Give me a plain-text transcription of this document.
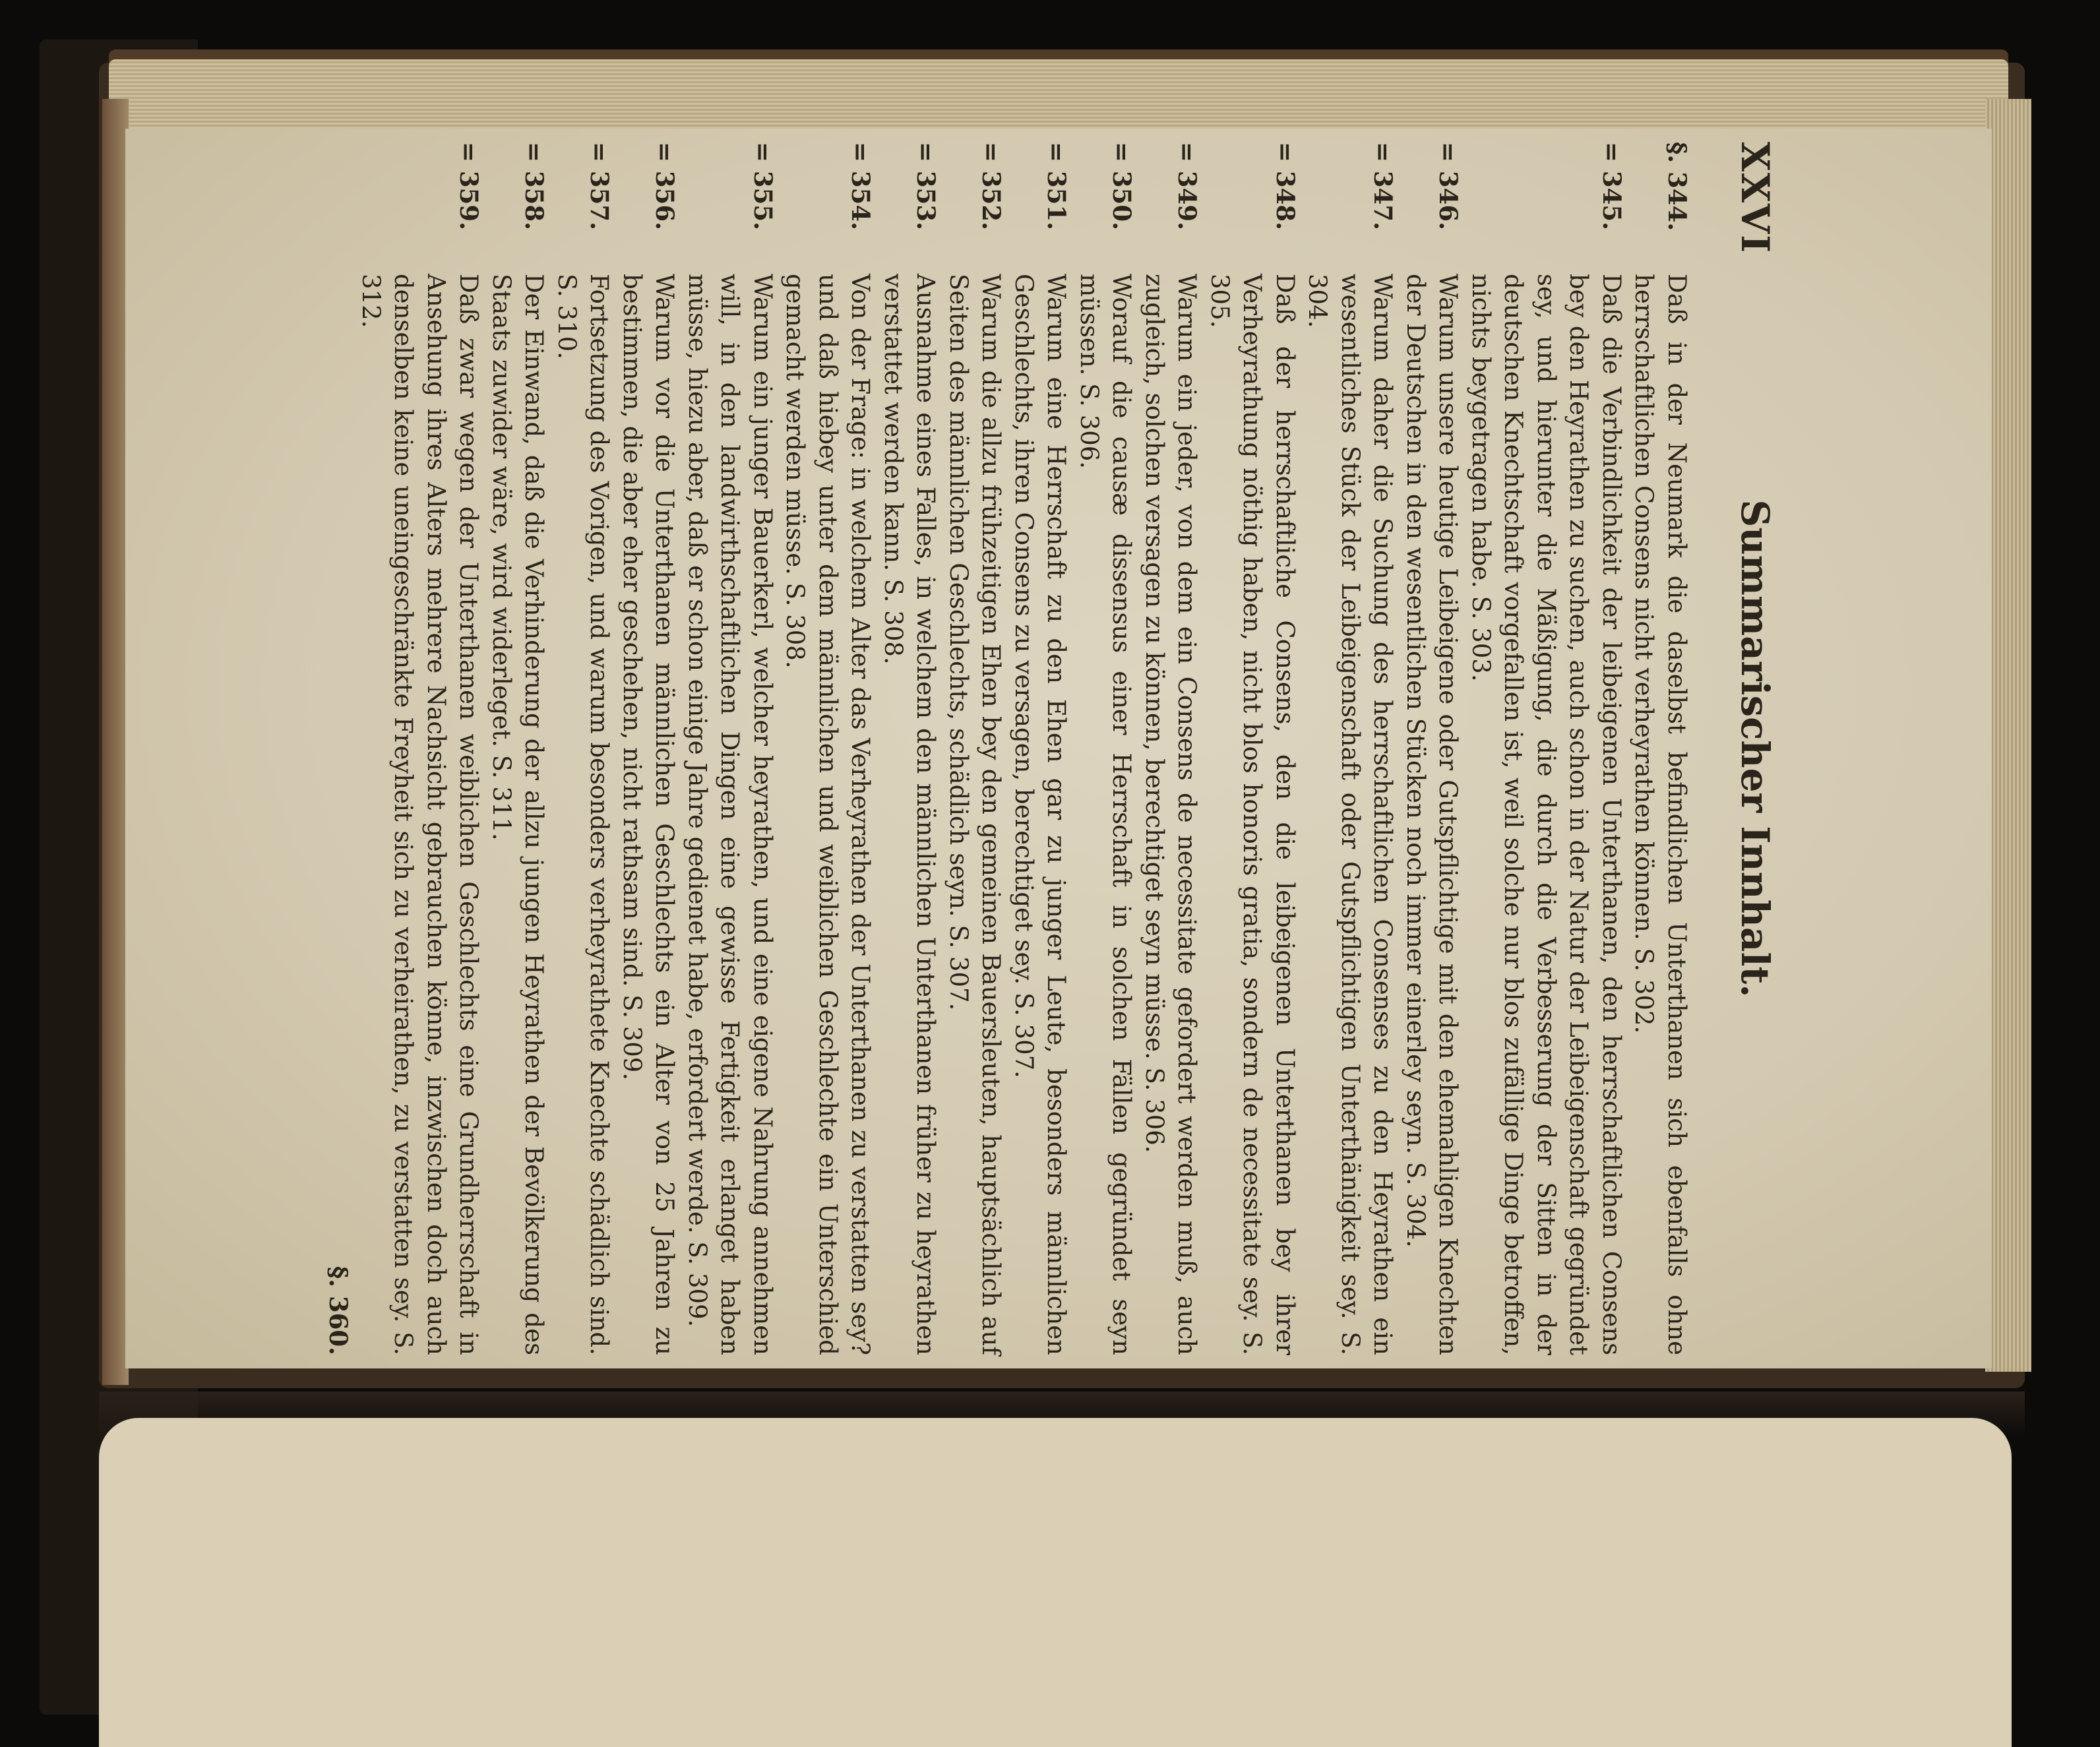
XXVI
Summarischer Innhalt.
§. 344.
Daß in der Neumark die daselbst befindlichen Unterthanen sich ebenfalls ohne herrschaftlichen Consens nicht verheyrathen können. S. 302.
= 345.
Daß die Verbindlichkeit der leibeigenen Unterthanen, den herrschaftlichen Consens bey den Heyrathen zu suchen, auch schon in der Natur der Leibeigenschaft gegründet sey, und hierunter die Mäßigung, die durch die Verbesserung der Sitten in der deutschen Knechtschaft vorgefallen ist, weil solche nur blos zufällige Dinge betroffen, nichts beygetragen habe. S. 303.
= 346.
Warum unsere heutige Leibeigene oder Gutspflichtige mit den ehemahligen Knechten der Deutschen in den wesentlichen Stücken noch immer einerley seyn. S. 304.
= 347.
Warum daher die Suchung des herrschaftlichen Consenses zu den Heyrathen ein wesentliches Stück der Leibeigenschaft oder Gutspflichtigen Unterthänigkeit sey. S. 304.
= 348.
Daß der herrschaftliche Consens, den die leibeigenen Unterthanen bey ihrer Verheyrathung nöthig haben, nicht blos honoris gratia, sondern de necessitate sey. S. 305.
= 349.
Warum ein jeder, von dem ein Consens de necessitate gefordert werden muß, auch zugleich, solchen versagen zu können, berechtiget seyn müsse. S. 306.
= 350.
Worauf die causæ dissensus einer Herrschaft in solchen Fällen gegründet seyn müssen. S. 306.
= 351.
Warum eine Herrschaft zu den Ehen gar zu junger Leute, besonders männlichen Geschlechts, ihren Consens zu versagen, berechtiget sey. S. 307.
= 352.
Warum die allzu frühzeitigen Ehen bey den gemeinen Bauersleuten, hauptsächlich auf Seiten des männlichen Geschlechts, schädlich seyn. S. 307.
= 353.
Ausnahme eines Falles, in welchem den männlichen Unterthanen früher zu heyrathen verstattet werden kann. S. 308.
= 354.
Von der Frage: in welchem Alter das Verheyrathen der Unterthanen zu verstatten sey? und daß hiebey unter dem männlichen und weiblichen Geschlechte ein Unterschied gemacht werden müsse. S. 308.
= 355.
Warum ein junger Bauerkerl, welcher heyrathen, und eine eigene Nahrung annehmen will, in den landwirthschaftlichen Dingen eine gewisse Fertigkeit erlanget haben müsse, hiezu aber, daß er schon einige Jahre gedienet habe, erfordert werde. S. 309.
= 356.
Warum vor die Unterthanen männlichen Geschlechts ein Alter von 25 Jahren zu bestimmen, die aber eher geschehen, nicht rathsam sind. S. 309.
= 357.
Fortsetzung des Vorigen, und warum besonders verheyrathete Knechte schädlich sind. S. 310.
= 358.
Der Einwand, daß die Verhinderung der allzu jungen Heyrathen der Bevölkerung des Staats zuwider wäre, wird widerleget. S. 311.
= 359.
Daß zwar wegen der Unterthanen weiblichen Geschlechts eine Grundherrschaft in Ansehung ihres Alters mehrere Nachsicht gebrauchen könne, inzwischen doch auch denselben keine uneingeschränkte Freyheit sich zu verheirathen, zu verstatten sey. S. 312.
§. 360.
